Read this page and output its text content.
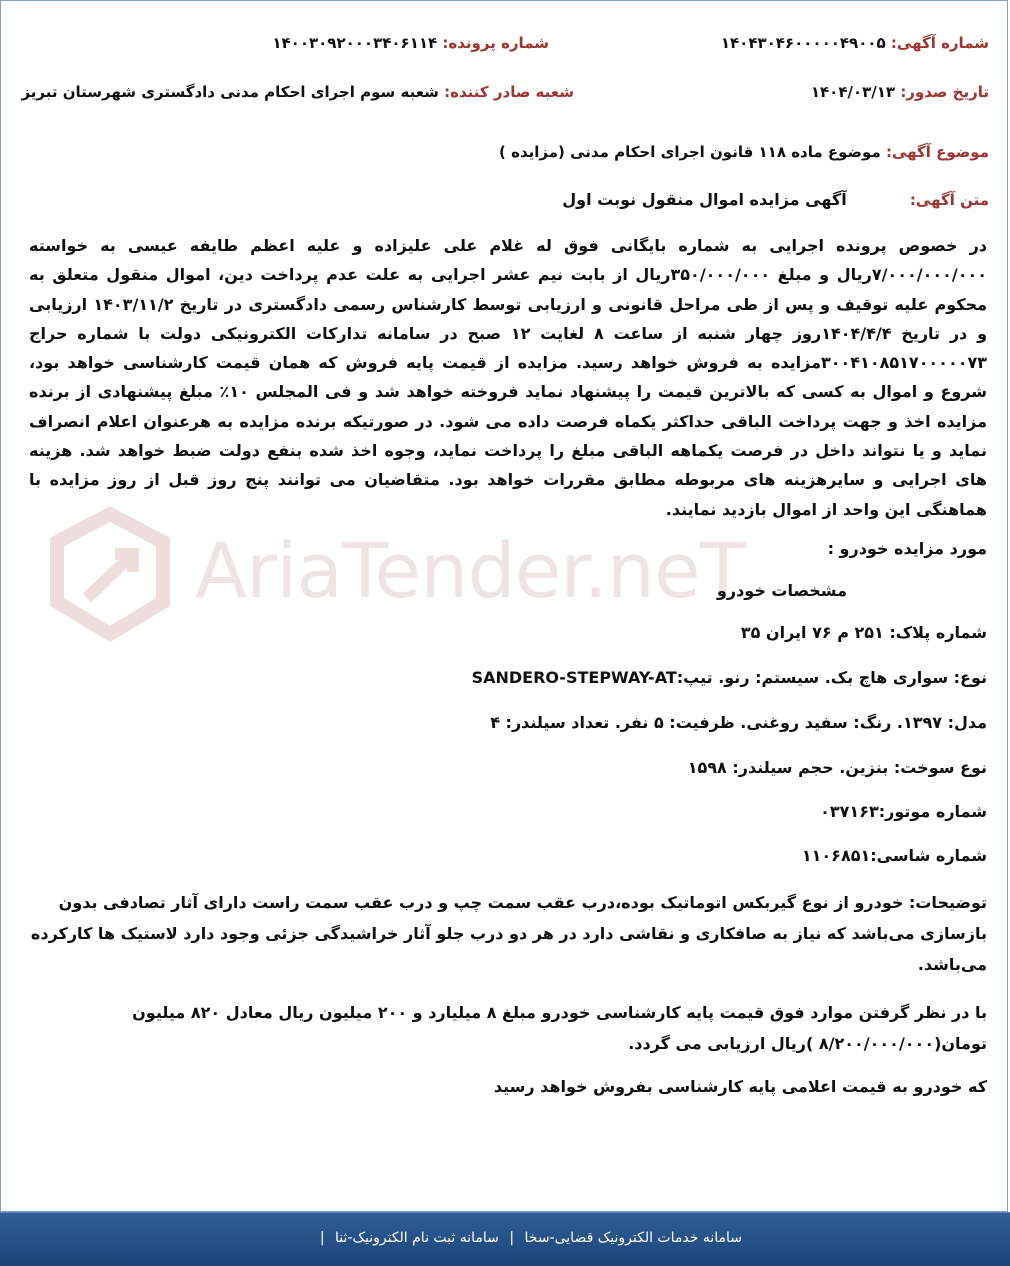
AriaTender.neT
شماره آگهی: ۱۴۰۴۳۰۴۶۰۰۰۰۰۴۹۰۰۵
شماره پرونده: ۱۴۰۰۳۰۹۲۰۰۰۳۴۰۶۱۱۴
تاریخ صدور: ۱۴۰۴/۰۳/۱۳
شعبه صادر کننده: شعبه سوم اجرای احکام مدنی دادگستری شهرستان تبریز
موضوع آگهی: موضوع ماده ۱۱۸ قانون اجرای احکام مدنی (مزایده )
متن آگهی: آگهی مزایده اموال منقول نوبت اول
در خصوص پرونده اجرایی به شماره بایگانی فوق له غلام علی علیزاده و علیه اعظم طایفه عیسی به خواسته ۷/۰۰۰/۰۰۰/۰۰۰ریال و مبلغ ۳۵۰/۰۰۰/۰۰۰ریال از بابت نیم عشر اجرایی به علت عدم پرداخت دین، اموال منقول متعلق به محکوم علیه توقیف و پس از طی مراحل قانونی و ارزیابی توسط کارشناس رسمی دادگستری در تاریخ ۱۴۰۳/۱۱/۲ ارزیابی و در تاریخ ۱۴۰۴/۴/۴روز چهار شنبه از ساعت ۸ لغایت ۱۲ صبح در سامانه تدارکات الکترونیکی دولت با شماره حراج ۳۰۰۴۱۰۸۵۱۷۰۰۰۰۰۷۳مزایده به فروش خواهد رسید. مزایده از قیمت پایه فروش که همان قیمت کارشناسی خواهد بود، شروع و اموال به کسی که بالاترین قیمت را پیشنهاد نماید فروخته خواهد شد و فی المجلس ۱۰٪ مبلغ پیشنهادی از برنده مزایده اخذ و جهت پرداخت الباقی حداکثر یکماه فرصت داده می شود. در صورتیکه برنده مزایده به هرعنوان اعلام انصراف نماید و یا نتواند داخل در فرصت یکماهه الباقی مبلغ را پرداخت نماید، وجوه اخذ شده بنفع دولت ضبط خواهد شد. هزینه های اجرایی و سایرهزینه های مربوطه مطابق مقررات خواهد بود. متقاضیان می توانند پنج روز قبل از روز مزایده با هماهنگی این واحد از اموال بازدید نمایند.
مورد مزایده خودرو :
مشخصات خودرو
شماره پلاک: ۲۵۱ م ۷۶ ایران ۳۵
نوع: سواری هاچ بک. سیستم: رنو. تیپ:SANDERO-STEPWAY-AT
مدل: ۱۳۹۷. رنگ: سفید روغنی. ظرفیت: ۵ نفر. تعداد سیلندر: ۴
نوع سوخت: بنزین. حجم سیلندر: ۱۵۹۸
شماره موتور:۰۳۷۱۶۳
شماره شاسی:۱۱۰۶۸۵۱
توضیحات: خودرو از نوع گیربکس اتوماتیک بوده،درب عقب سمت چپ و درب عقب سمت راست دارای آثار تصادفی بدون بازسازی می‌باشد که نیاز به صافکاری و نقاشی دارد در هر دو درب جلو آثار خراشیدگی جزئی وجود دارد لاستیک ها کارکرده می‌باشد.
با در نظر گرفتن موارد فوق قیمت پایه کارشناسی خودرو مبلغ ۸ میلیارد و ۲۰۰ میلیون ریال معادل ۸۲۰ میلیون تومان(۸/۲۰۰/۰۰۰/۰۰۰ )ریال ارزیابی می گردد.
که خودرو به قیمت اعلامی پایه کارشناسی بفروش خواهد رسید
سامانه خدمات الکترونیک قضایی-سخا | سامانه ثبت نام الکترونیک-ثنا |
